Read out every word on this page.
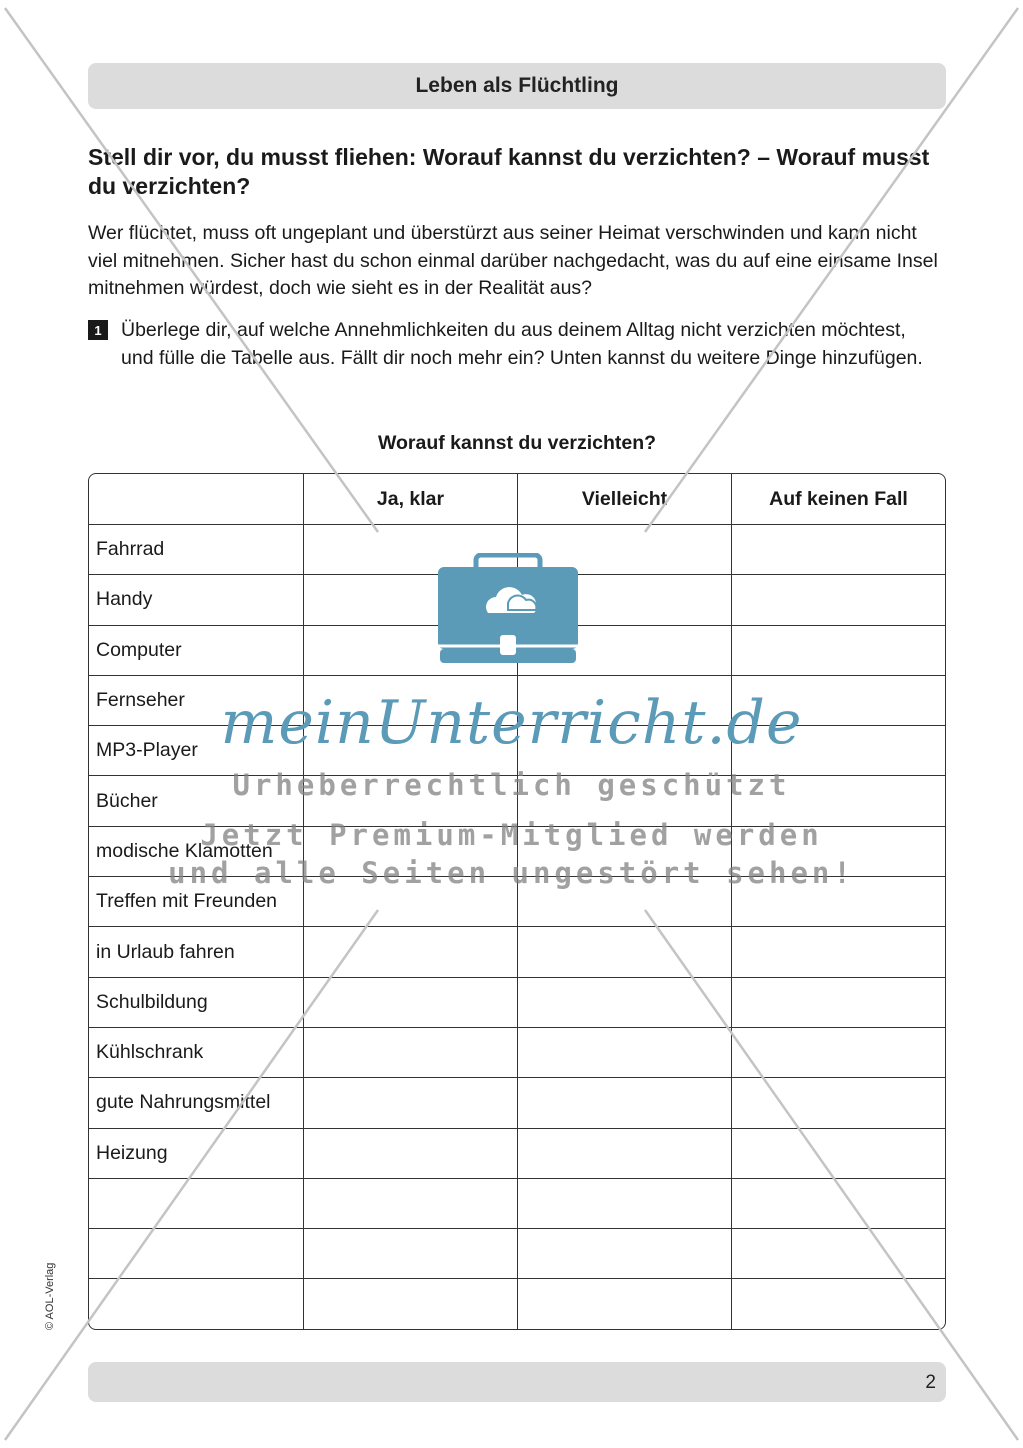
Leben als Flüchtling
Stell dir vor, du musst fliehen: Worauf kannst du verzichten? – Worauf musst du verzichten?

Wer flüchtet, muss oft ungeplant und überstürzt aus seiner Heimat verschwinden und kann nicht viel mitnehmen. Sicher hast du schon einmal darüber nachgedacht, was du auf eine einsame Insel mitnehmen würdest, doch wie sieht es in der Realität aus?

1 Überlege dir, auf welche Annehmlichkeiten du aus deinem Alltag nicht verzichten möchtest, und fülle die Tabelle aus. Fällt dir noch mehr ein? Unten kannst du weitere Dinge hinzufügen.

Worauf kannst du verzichten?
Ja, klar	Vielleicht	Auf keinen Fall
Fahrrad
Handy
Computer
Fernseher
MP3-Player
Bücher
modische Klamotten
Treffen mit Freunden
in Urlaub fahren
Schulbildung
Kühlschrank
gute Nahrungsmittel
Heizung
2
© AOL-Verlag
meinUnterricht.de
Urheberrechtlich geschützt
Jetzt Premium-Mitglied werden
und alle Seiten ungestört sehen!
